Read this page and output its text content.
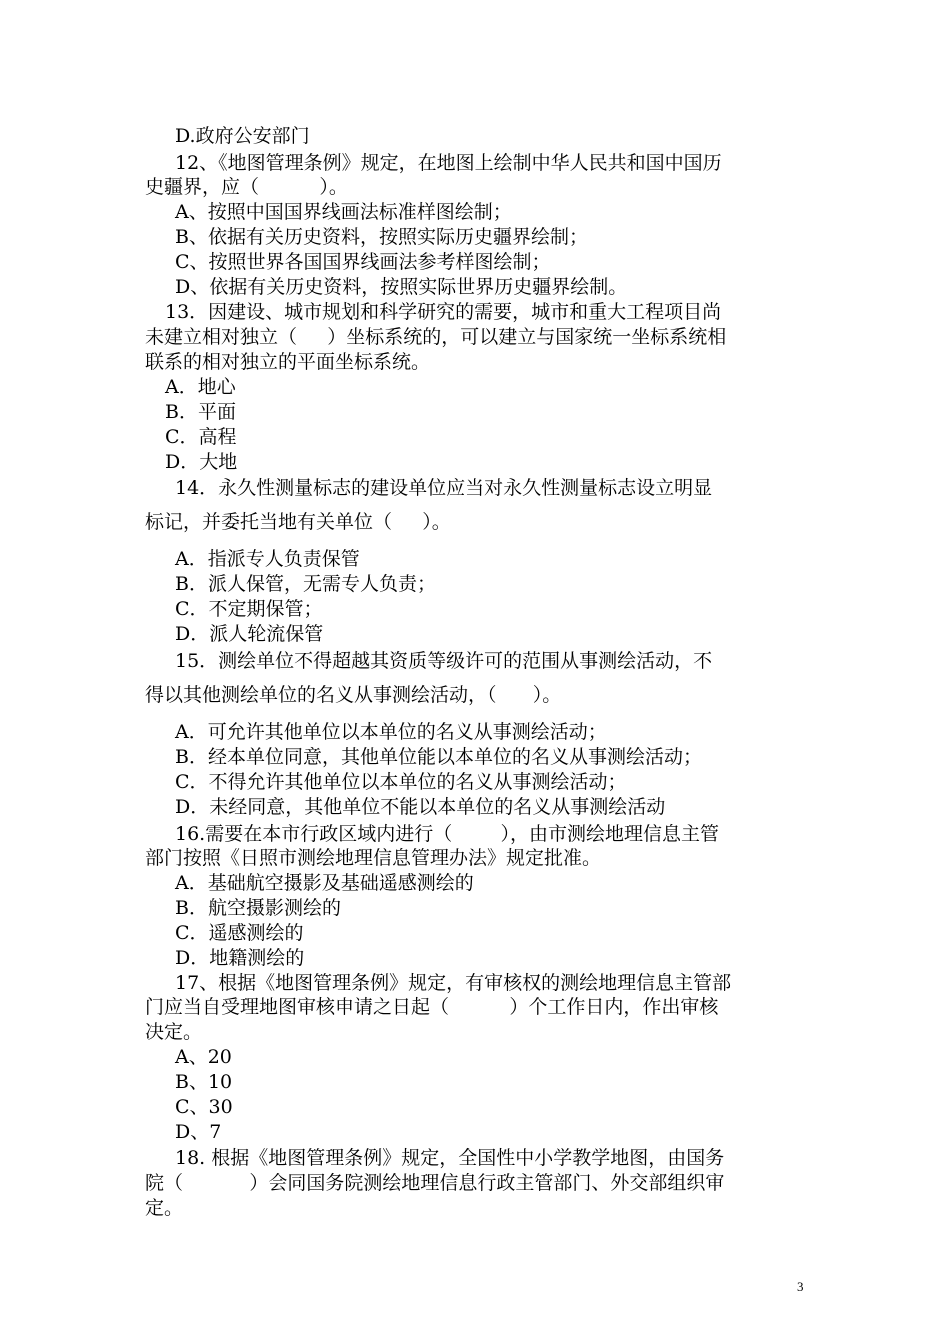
D.政府公安部门
12、《地图管理条例》规定，在地图上绘制中华人民共和国中国历
史疆界，应（          ）。
A、按照中国国界线画法标准样图绘制；
B、依据有关历史资料，按照实际历史疆界绘制；
C、按照世界各国国界线画法参考样图绘制；
D、依据有关历史资料，按照实际世界历史疆界绘制。
13．因建设、城市规划和科学研究的需要，城市和重大工程项目尚
未建立相对独立（     ）坐标系统的，可以建立与国家统一坐标系统相
联系的相对独立的平面坐标系统。
A．地心
B．平面
C．高程
D．大地
14．永久性测量标志的建设单位应当对永久性测量标志设立明显
标记，并委托当地有关单位（     ）。
A．指派专人负责保管
B．派人保管，无需专人负责；
C．不定期保管；
D．派人轮流保管
15．测绘单位不得超越其资质等级许可的范围从事测绘活动，不
得以其他测绘单位的名义从事测绘活动，（      ）。
A．可允许其他单位以本单位的名义从事测绘活动；
B．经本单位同意，其他单位能以本单位的名义从事测绘活动；
C．不得允许其他单位以本单位的名义从事测绘活动；
D．未经同意，其他单位不能以本单位的名义从事测绘活动
16.需要在本市行政区域内进行（        ），由市测绘地理信息主管
部门按照《日照市测绘地理信息管理办法》规定批准。
A．基础航空摄影及基础遥感测绘的
B．航空摄影测绘的
C．遥感测绘的
D．地籍测绘的
17、根据《地图管理条例》规定，有审核权的测绘地理信息主管部
门应当自受理地图审核申请之日起（          ）个工作日内，作出审核
决定。
A、20
B、10
C、30
D、7
18. 根据《地图管理条例》规定，全国性中小学教学地图，由国务
院（           ）会同国务院测绘地理信息行政主管部门、外交部组织审
定。
3
